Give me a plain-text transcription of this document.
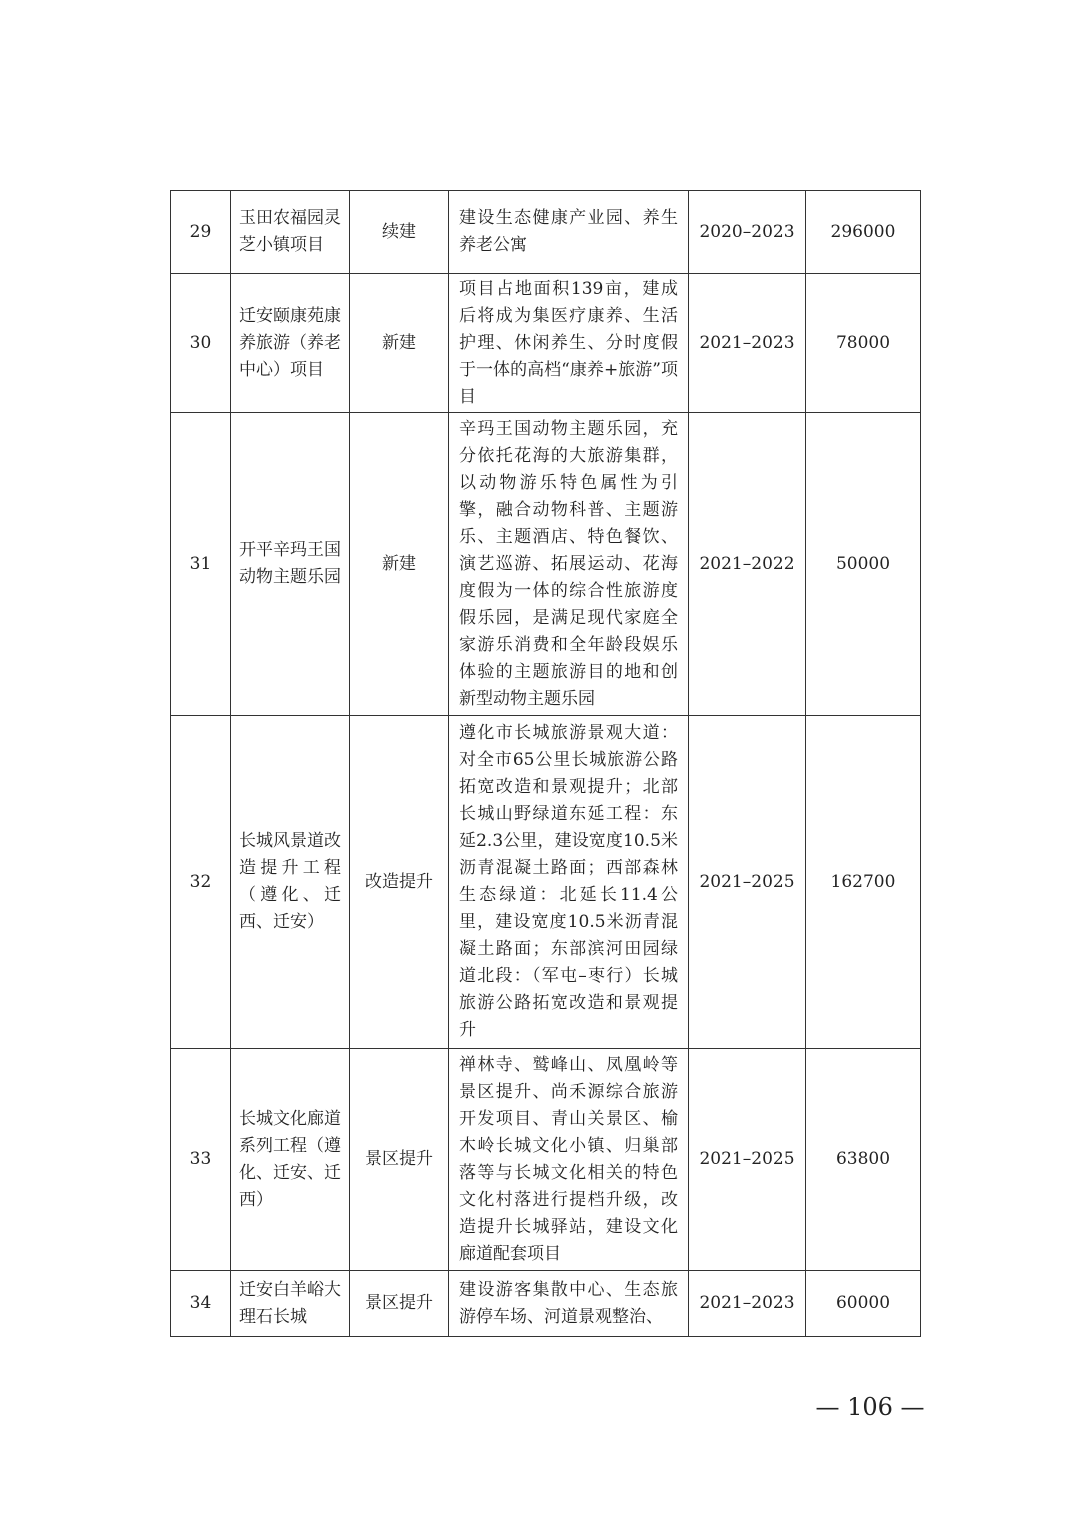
29	玉田农福园灵芝小镇项目	续建	建设生态健康产业园、养生养老公寓	2020–2023	296000
30	迁安颐康苑康养旅游（养老中心）项目	新建	项目占地面积139亩，建成后将成为集医疗康养、生活护理、休闲养生、分时度假于一体的高档“康养+旅游”项目	2021–2023	78000
31	开平辛玛王国动物主题乐园	新建	辛玛王国动物主题乐园，充分依托花海的大旅游集群，以动物游乐特色属性为引擎，融合动物科普、主题游乐、主题酒店、特色餐饮、演艺巡游、拓展运动、花海度假为一体的综合性旅游度假乐园，是满足现代家庭全家游乐消费和全年龄段娱乐体验的主题旅游目的地和创新型动物主题乐园	2021–2022	50000
32	长城风景道改造提升工程（遵化、迁西、迁安）	改造提升	遵化市长城旅游景观大道：对全市65公里长城旅游公路拓宽改造和景观提升；北部长城山野绿道东延工程：东延2.3公里，建设宽度10.5米沥青混凝土路面；西部森林生态绿道：北延长11.4公里，建设宽度10.5米沥青混凝土路面；东部滨河田园绿道北段：（军屯–枣行）长城旅游公路拓宽改造和景观提升	2021–2025	162700
33	长城文化廊道系列工程（遵化、迁安、迁西）	景区提升	禅林寺、鹫峰山、凤凰岭等景区提升、尚禾源综合旅游开发项目、青山关景区、榆木岭长城文化小镇、归巢部落等与长城文化相关的特色文化村落进行提档升级，改造提升长城驿站，建设文化廊道配套项目	2021–2025	63800
34	迁安白羊峪大理石长城	景区提升	建设游客集散中心、生态旅游停车场、河道景观整治、	2021–2023	60000
— 106 —
